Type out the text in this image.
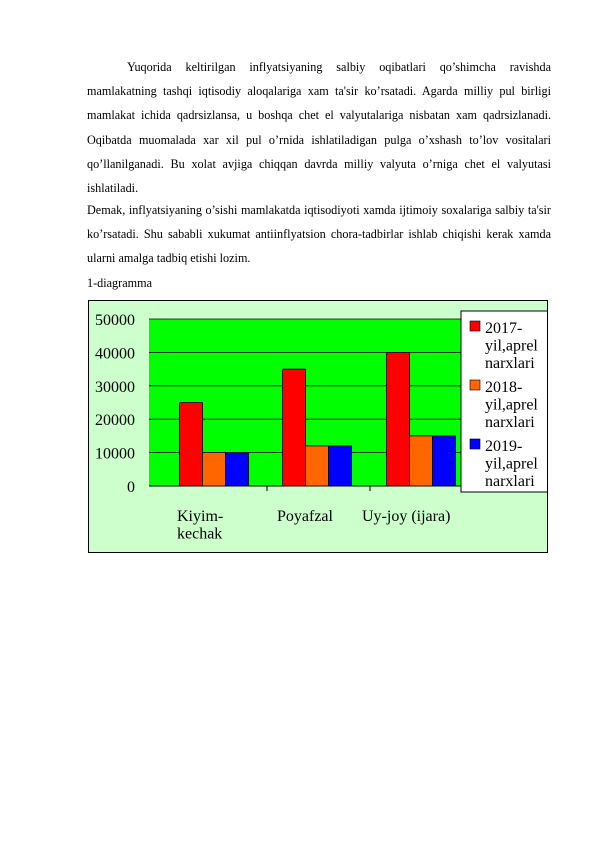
Yuqorida keltirilgan inflyatsiyaning salbiy oqibatlari qo’shimcha ravishda mamlakatning tashqi iqtisodiy aloqalariga xam ta'sir ko’rsatadi. Agarda milliy pul birligi mamlakat ichida qadrsizlansa, u boshqa chet el valyutalariga nisbatan xam qadrsizlanadi. Oqibatda muomalada xar xil pul o’rnida ishlatiladigan pulga o’xshash to’lov vositalari qo’llanilganadi. Bu xolat avjiga chiqqan davrda milliy valyuta o’rniga chet el valyutasi ishlatiladi.

Demak, inflyatsiyaning o’sishi mamlakatda iqtisodiyoti xamda ijtimoiy soxalariga salbiy ta'sir ko’rsatadi. Shu sababli xukumat antiinflyatsion chora-tadbirlar ishlab chiqishi kerak xamda ularni amalga tadbiq etishi lozim.

1-diagramma
0
10000
20000
30000
40000
50000
Kiyim-kechak
Poyafzal Uy-joy (ijara)
2017-yil,aprel narxlari
2018-yil,aprel narxlari
2019-yil,aprel narxlari
